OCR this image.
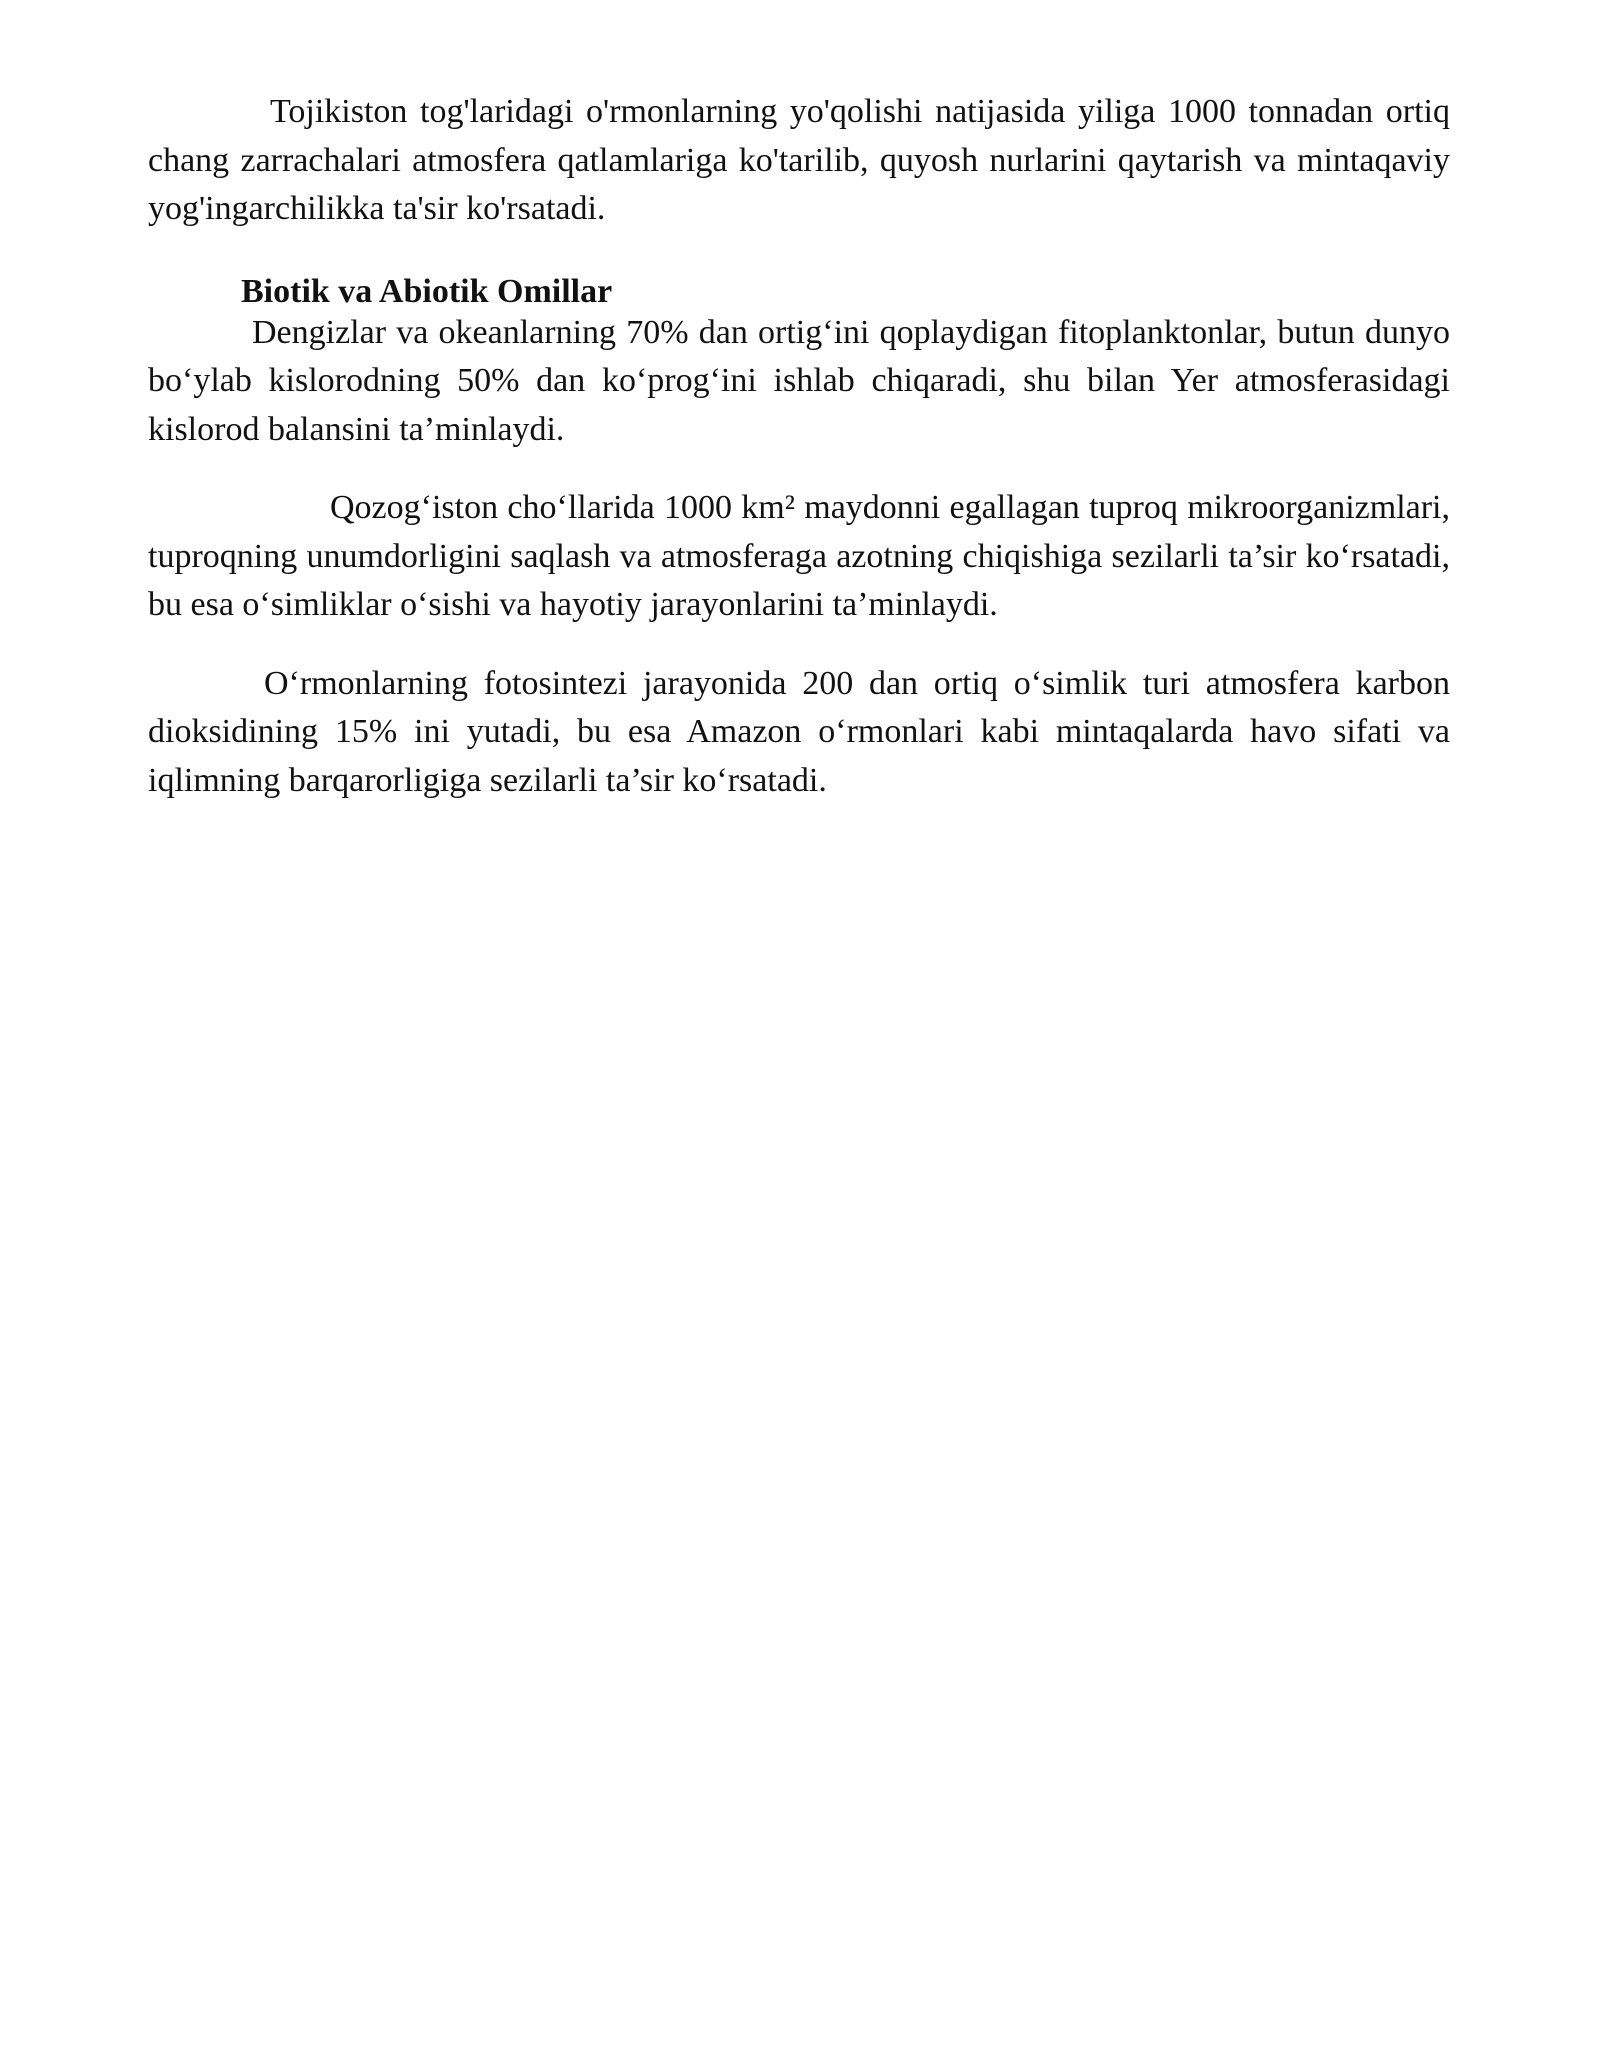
Tojikiston tog'laridagi o'rmonlarning yo'qolishi natijasida yiliga 1000 tonnadan ortiq chang zarrachalari atmosfera qatlamlariga ko'tarilib, quyosh nurlarini qaytarish va mintaqaviy yog'ingarchilikka ta'sir ko'rsatadi.

Biotik va Abiotik Omillar

Dengizlar va okeanlarning 70% dan ortig‘ini qoplaydigan fitoplanktonlar, butun dunyo bo‘ylab kislorodning 50% dan ko‘prog‘ini ishlab chiqaradi, shu bilan Yer atmosferasidagi kislorod balansini ta’minlaydi.

Qozog‘iston cho‘llarida 1000 km² maydonni egallagan tuproq mikroorganizmlari, tuproqning unumdorligini saqlash va atmosferaga azotning chiqishiga sezilarli ta’sir ko‘rsatadi, bu esa o‘simliklar o‘sishi va hayotiy jarayonlarini ta’minlaydi.

O‘rmonlarning fotosintezi jarayonida 200 dan ortiq o‘simlik turi atmosfera karbon dioksidining 15% ini yutadi, bu esa Amazon o‘rmonlari kabi mintaqalarda havo sifati va iqlimning barqarorligiga sezilarli ta’sir ko‘rsatadi.
